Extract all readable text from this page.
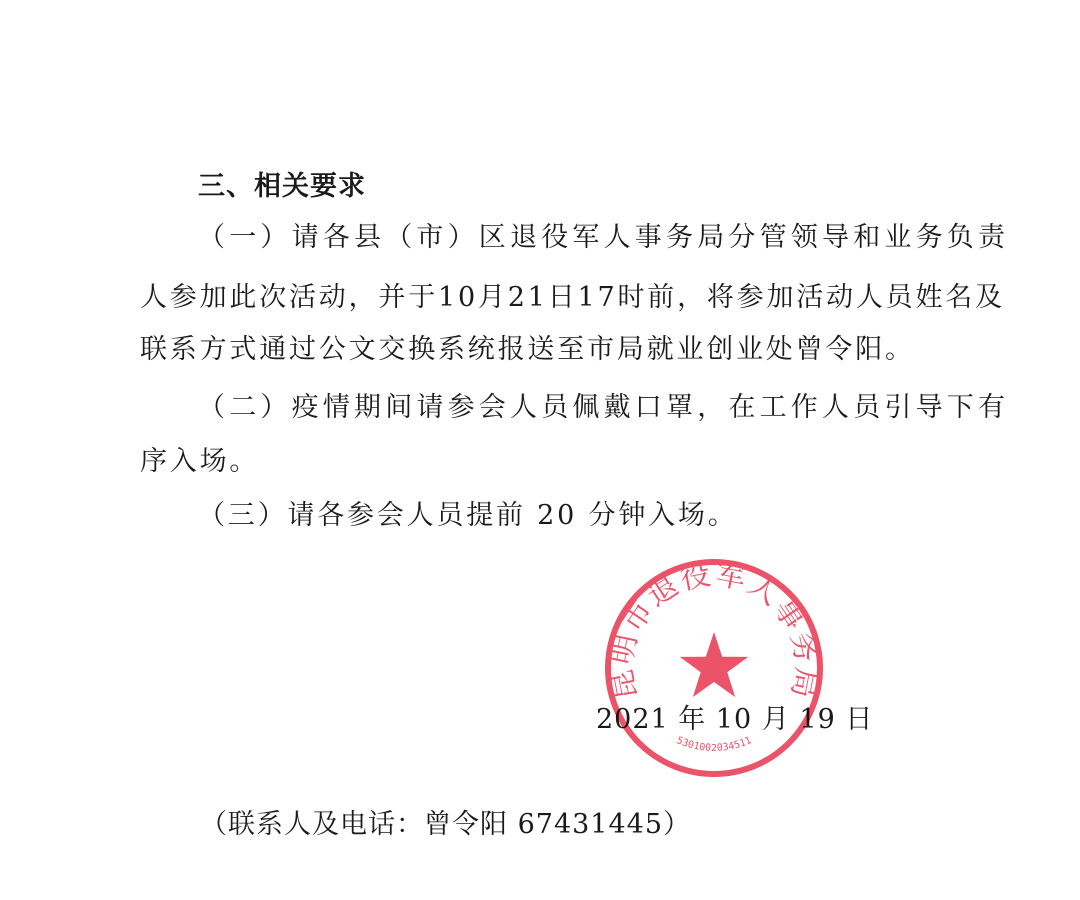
三、相关要求
（一）请各县（市）区退役军人事务局分管领导和业务负责
人参加此次活动，并于10月21日17时前，将参加活动人员姓名及
联系方式通过公文交换系统报送至市局就业创业处曾令阳。
（二）疫情期间请参会人员佩戴口罩，在工作人员引导下有
序入场。
（三）请各参会人员提前 20 分钟入场。
2021 年 10 月 19 日
昆明市退役军人事务局
5301002034511
（联系人及电话：曾令阳 67431445）
